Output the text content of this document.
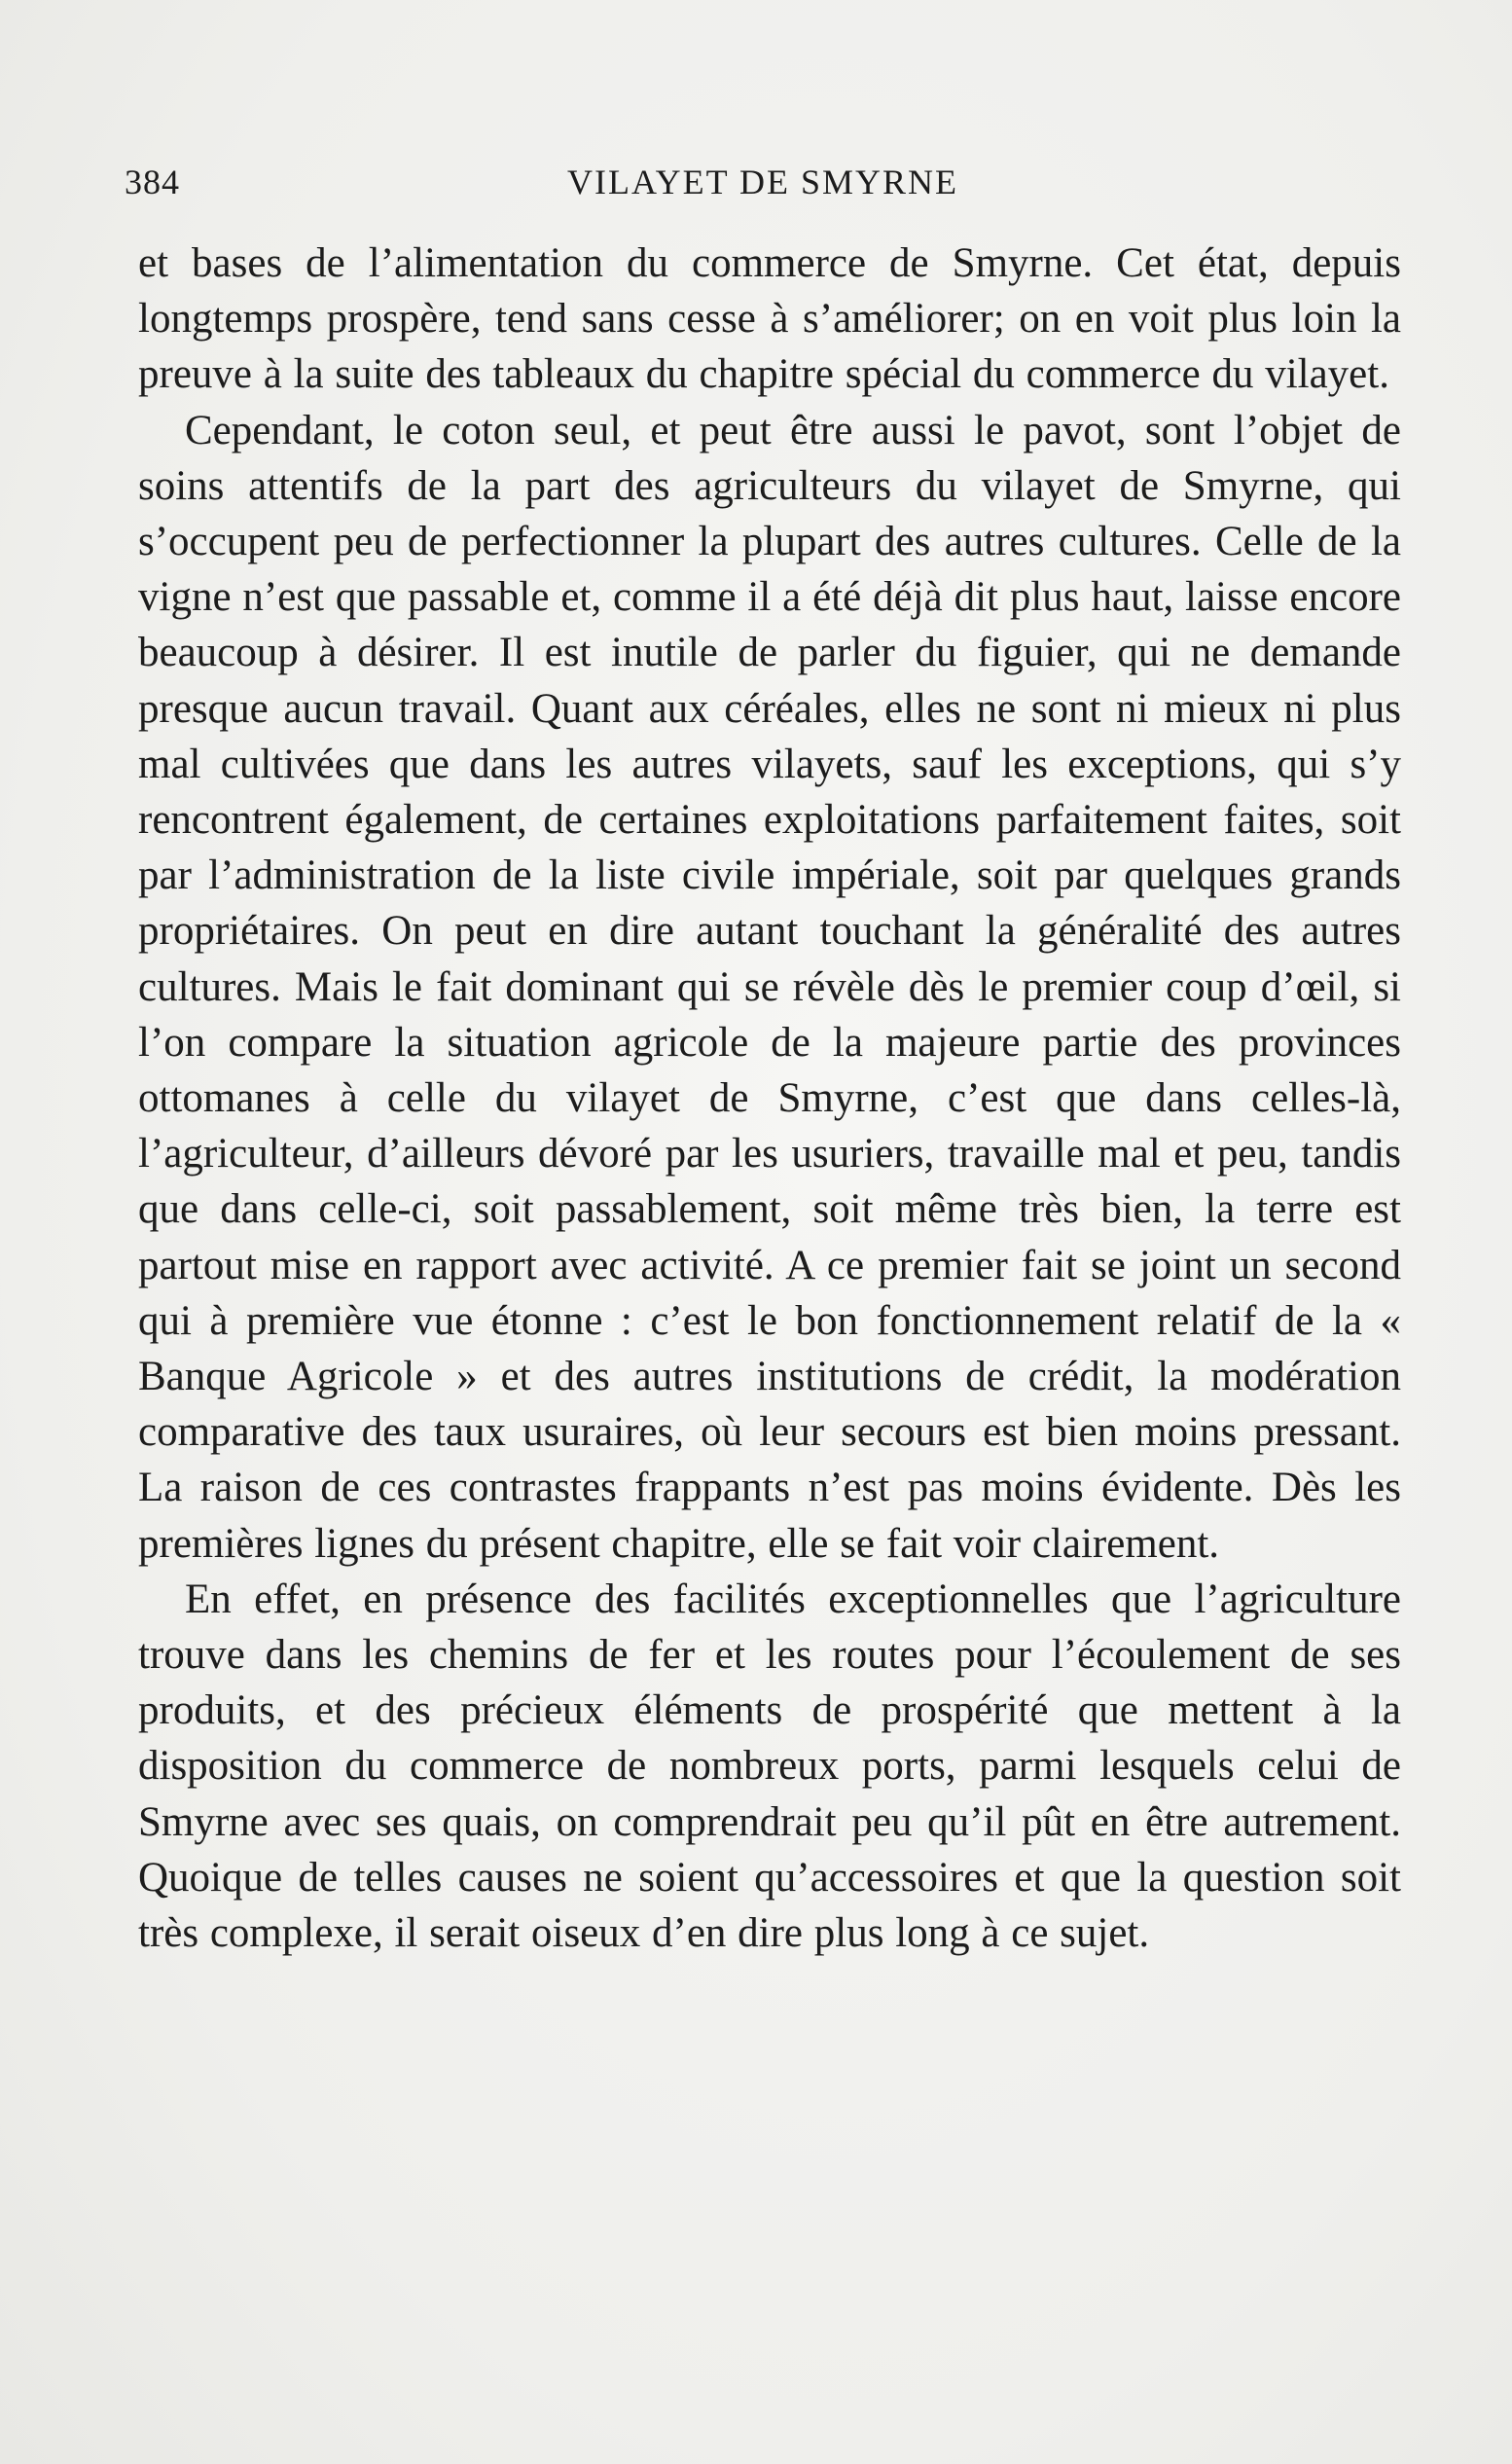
384	VILAYET DE SMYRNE

et bases de l’alimentation du commerce de Smyrne. Cet état, depuis longtemps prospère, tend sans cesse à s’améliorer; on en voit plus loin la preuve à la suite des tableaux du chapitre spécial du commerce du vilayet.

Cependant, le coton seul, et peut être aussi le pavot, sont l’objet de soins attentifs de la part des agriculteurs du vilayet de Smyrne, qui s’occupent peu de perfectionner la plupart des autres cultures. Celle de la vigne n’est que passable et, comme il a été déjà dit plus haut, laisse encore beaucoup à désirer. Il est inutile de parler du figuier, qui ne demande presque aucun travail. Quant aux céréales, elles ne sont ni mieux ni plus mal cultivées que dans les autres vilayets, sauf les exceptions, qui s’y rencontrent également, de certaines exploitations parfaitement faites, soit par l’administration de la liste civile impériale, soit par quelques grands propriétaires. On peut en dire autant touchant la généralité des autres cultures. Mais le fait dominant qui se révèle dès le premier coup d’œil, si l’on compare la situation agricole de la majeure partie des provinces ottomanes à celle du vilayet de Smyrne, c’est que dans celles-là, l’agriculteur, d’ailleurs dévoré par les usuriers, travaille mal et peu, tandis que dans celle-ci, soit passablement, soit même très bien, la terre est partout mise en rapport avec activité. A ce premier fait se joint un second qui à première vue étonne : c’est le bon fonctionnement relatif de la « Banque Agricole » et des autres institutions de crédit, la modération comparative des taux usuraires, où leur secours est bien moins pressant. La raison de ces contrastes frappants n’est pas moins évidente. Dès les premières lignes du présent chapitre, elle se fait voir clairement.

En effet, en présence des facilités exceptionnelles que l’agriculture trouve dans les chemins de fer et les routes pour l’écoulement de ses produits, et des précieux éléments de prospérité que mettent à la disposition du commerce de nombreux ports, parmi lesquels celui de Smyrne avec ses quais, on comprendrait peu qu’il pût en être autrement. Quoique de telles causes ne soient qu’accessoires et que la question soit très complexe, il serait oiseux d’en dire plus long à ce sujet.
